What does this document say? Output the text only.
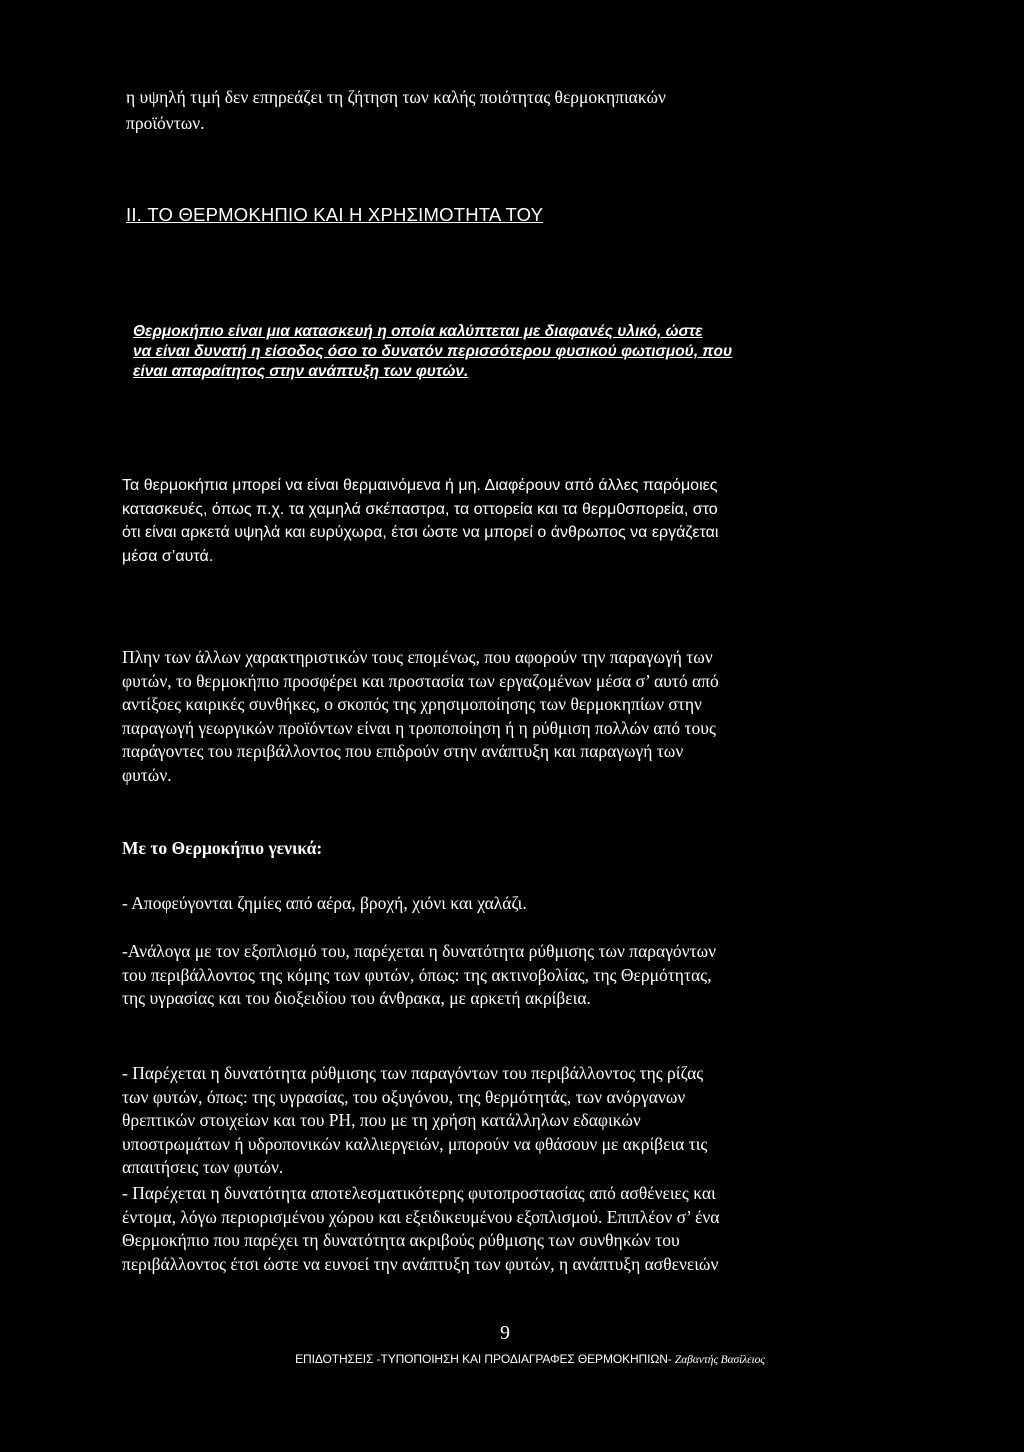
η υψηλή τιμή δεν επηρεάζει τη ζήτηση των καλής ποιότητας θερμοκηπιακών
προϊόντων.

II. ΤΟ ΘΕΡΜΟΚΗΠΙΟ ΚΑΙ Η ΧΡΗΣΙΜΟΤΗΤΑ ΤΟΥ

Θερμοκήπιο είναι μια κατασκευή η οποία καλύπτεται με διαφανές υλικό, ώστε
να είναι δυνατή η είσοδος όσο το δυνατόν περισσότερου φυσικού φωτισμού, που
είναι απαραίτητος στην ανάπτυξη των φυτών.

Τα θερμοκήπια μπορεί να είναι θερμαινόμενα ή μη. Διαφέρουν από άλλες παρόμοιες
κατασκευές, όπως π.χ. τα χαμηλά σκέπαστρα, τα οττορεία και τα θερμ0σπορεία, στο
ότι είναι αρκετά υψηλά και ευρύχωρα, έτσι ώστε να μπορεί ο άνθρωπος να εργάζεται
μέσα σ’αυτά.

Πλην των άλλων χαρακτηριστικών τους επομένως, που αφορούν την παραγωγή των
φυτών, το θερμοκήπιο προσφέρει και προστασία των εργαζομένων μέσα σ’ αυτό από
αντίξοες καιρικές συνθήκες, ο σκοπός της χρησιμοποίησης των θερμοκηπίων στην
παραγωγή γεωργικών προϊόντων είναι η τροποποίηση ή η ρύθμιση πολλών από τους
παράγοντες του περιβάλλοντος που επιδρούν στην ανάπτυξη και παραγωγή των
φυτών.

Με το Θερμοκήπιο γενικά:

- Αποφεύγονται ζημίες από αέρα, βροχή, χιόνι και χαλάζι.

-Ανάλογα με τον εξοπλισμό του, παρέχεται η δυνατότητα ρύθμισης των παραγόντων
του περιβάλλοντος της κόμης των φυτών, όπως: της ακτινοβολίας, της Θερμότητας,
της υγρασίας και του διοξειδίου του άνθρακα, με αρκετή ακρίβεια.

- Παρέχεται η δυνατότητα ρύθμισης των παραγόντων του περιβάλλοντος της ρίζας
των φυτών, όπως: της υγρασίας, του οξυγόνου, της θερμότητάς, των ανόργανων
θρεπτικών στοιχείων και του PH, που με τη χρήση κατάλληλων εδαφικών
υποστρωμάτων ή υδροπονικών καλλιεργειών, μπορούν να φθάσουν με ακρίβεια τις
απαιτήσεις των φυτών.

- Παρέχεται η δυνατότητα αποτελεσματικότερης φυτοπροστασίας από ασθένειες και
έντομα, λόγω περιορισμένου χώρου και εξειδικευμένου εξοπλισμού. Επιπλέον σ’ ένα
Θερμοκήπιο που παρέχει τη δυνατότητα ακριβούς ρύθμισης των συνθηκών του
περιβάλλοντος έτσι ώστε να ευνοεί την ανάπτυξη των φυτών, η ανάπτυξη ασθενειών

9
ΕΠΙΔΟΤΗΣΕΙΣ -ΤΥΠΟΠΟΙΗΣΗ ΚΑΙ ΠΡΟΔΙΑΓΡΑΦΕΣ ΘΕΡΜΟΚΗΠΙΩΝ- Ζαβαντής Βασίλειος
